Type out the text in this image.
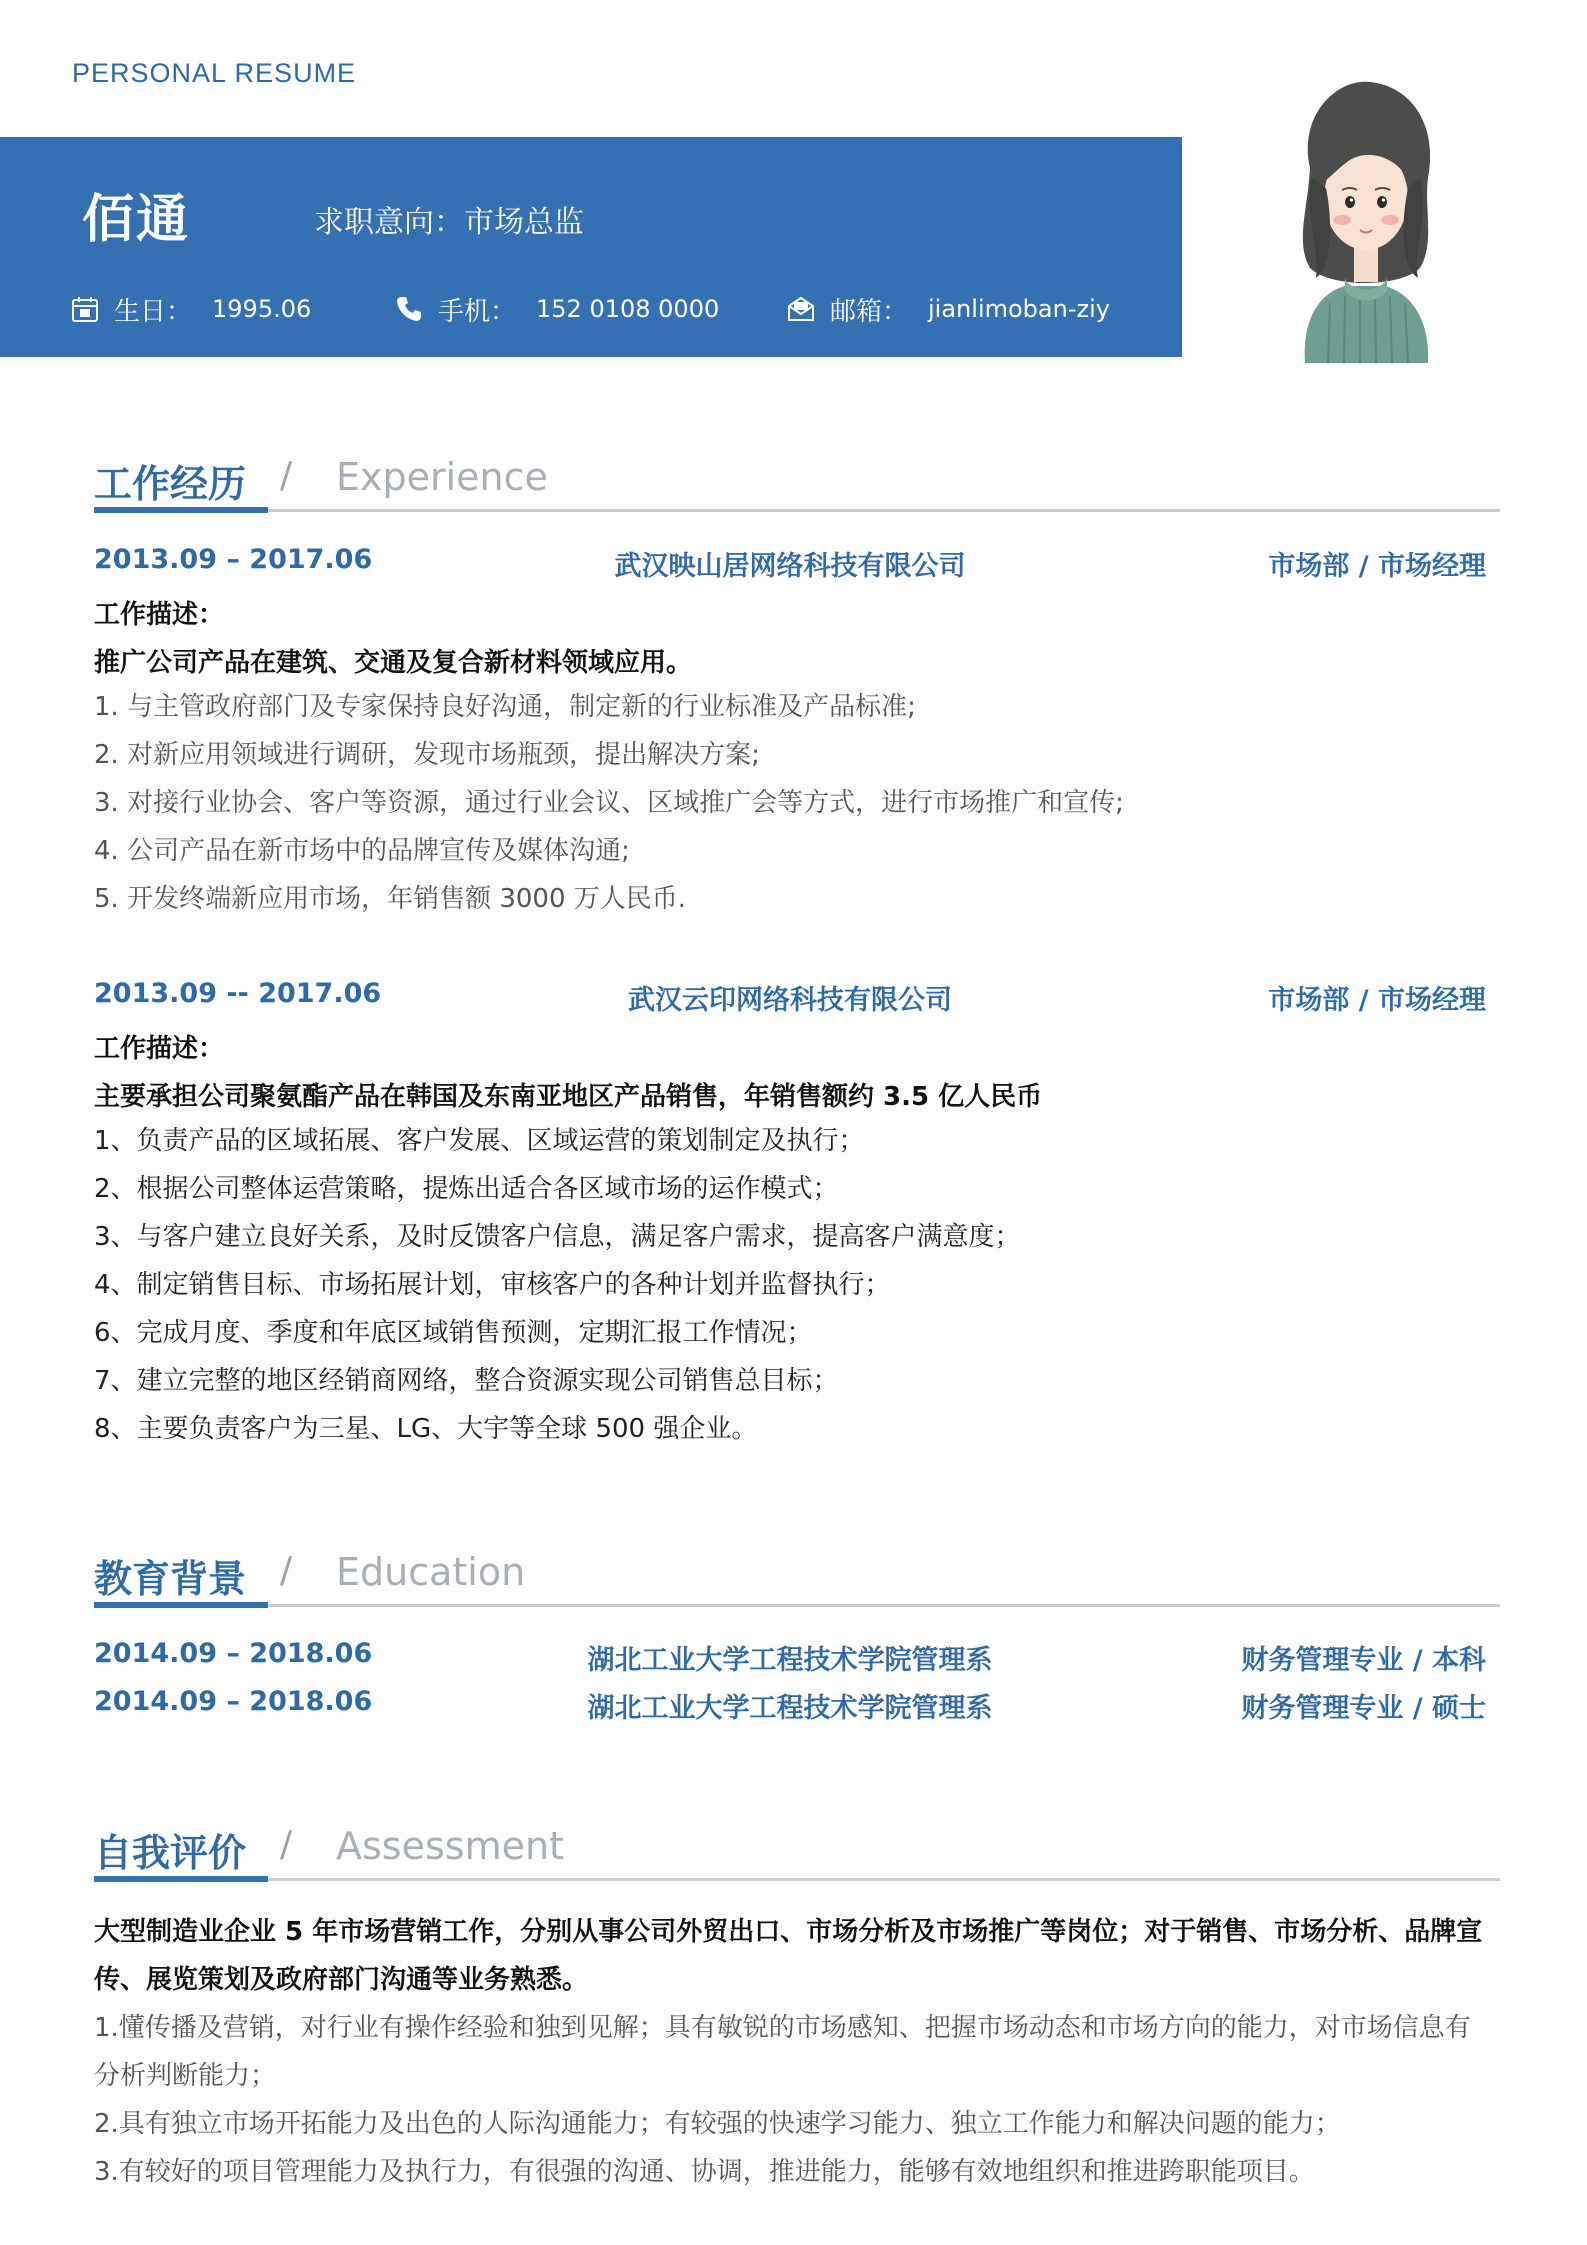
PERSONAL RESUME
佰通	求职意向：市场总监
生日： 1995.06	手机： 152 0108 0000	邮箱： jianlimoban-ziy
工作经历 / Experience
2013.09 – 2017.06	武汉映山居网络科技有限公司	市场部 / 市场经理
工作描述：
推广公司产品在建筑、交通及复合新材料领域应用。
1. 与主管政府部门及专家保持良好沟通，制定新的行业标准及产品标准;
2. 对新应用领域进行调研，发现市场瓶颈，提出解决方案;
3. 对接行业协会、客户等资源，通过行业会议、区域推广会等方式，进行市场推广和宣传;
4. 公司产品在新市场中的品牌宣传及媒体沟通;
5. 开发终端新应用市场，年销售额 3000 万人民币.
2013.09 -- 2017.06	武汉云印网络科技有限公司	市场部 / 市场经理
工作描述：
主要承担公司聚氨酯产品在韩国及东南亚地区产品销售，年销售额约 3.5 亿人民币
1、负责产品的区域拓展、客户发展、区域运营的策划制定及执行；
2、根据公司整体运营策略，提炼出适合各区域市场的运作模式；
3、与客户建立良好关系，及时反馈客户信息，满足客户需求，提高客户满意度；
4、制定销售目标、市场拓展计划，审核客户的各种计划并监督执行；
6、完成月度、季度和年底区域销售预测，定期汇报工作情况；
7、建立完整的地区经销商网络，整合资源实现公司销售总目标；
8、主要负责客户为三星、LG、大宇等全球 500 强企业。
教育背景 / Education
2014.09 – 2018.06	湖北工业大学工程技术学院管理系	财务管理专业 / 本科
2014.09 – 2018.06	湖北工业大学工程技术学院管理系	财务管理专业 / 硕士
自我评价 / Assessment
大型制造业企业 5 年市场营销工作，分别从事公司外贸出口、市场分析及市场推广等岗位；对于销售、市场分析、品牌宣传、展览策划及政府部门沟通等业务熟悉。
1.懂传播及营销，对行业有操作经验和独到见解；具有敏锐的市场感知、把握市场动态和市场方向的能力，对市场信息有分析判断能力；
2.具有独立市场开拓能力及出色的人际沟通能力；有较强的快速学习能力、独立工作能力和解决问题的能力；
3.有较好的项目管理能力及执行力，有很强的沟通、协调，推进能力，能够有效地组织和推进跨职能项目。
